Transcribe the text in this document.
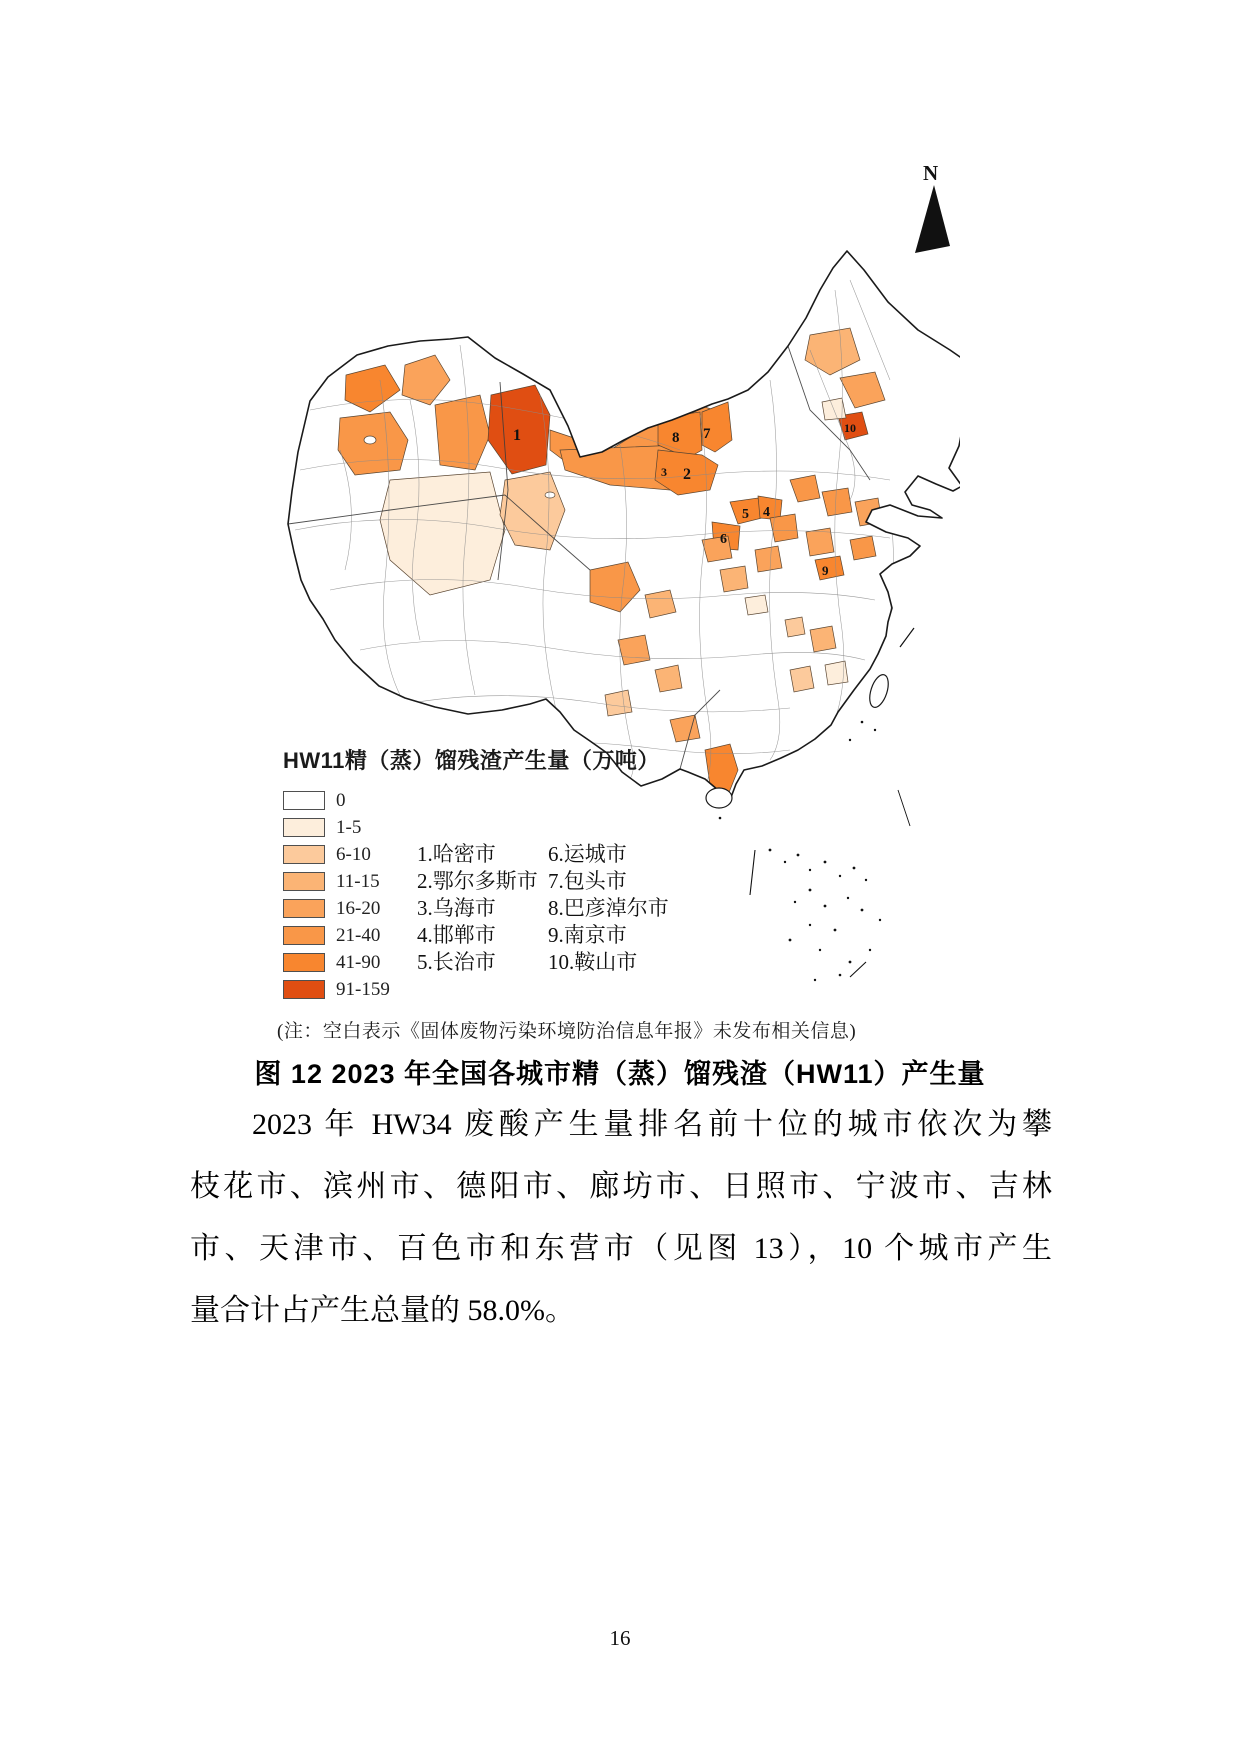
N
1
2
3
4
5
6
7
8
9
10
HW11精（蒸）馏残渣产生量（万吨）
0
1-5
6-10
11-15
16-20
21-40
41-90
91-159
1.哈密市	6.运城市
2.鄂尔多斯市 7.包头市
3.乌海市	8.巴彦淖尔市
4.邯郸市	9.南京市
5.长治市	10.鞍山市
(注：空白表示《固体废物污染环境防治信息年报》未发布相关信息)
图 12 2023 年全国各城市精（蒸）馏残渣（HW11）产生量
2023 年 HW34 废酸产生量排名前十位的城市依次为攀
枝花市、滨州市、德阳市、廊坊市、日照市、宁波市、吉林
市、天津市、百色市和东营市（见图 13），10 个城市产生
量合计占产生总量的 58.0%。
16
